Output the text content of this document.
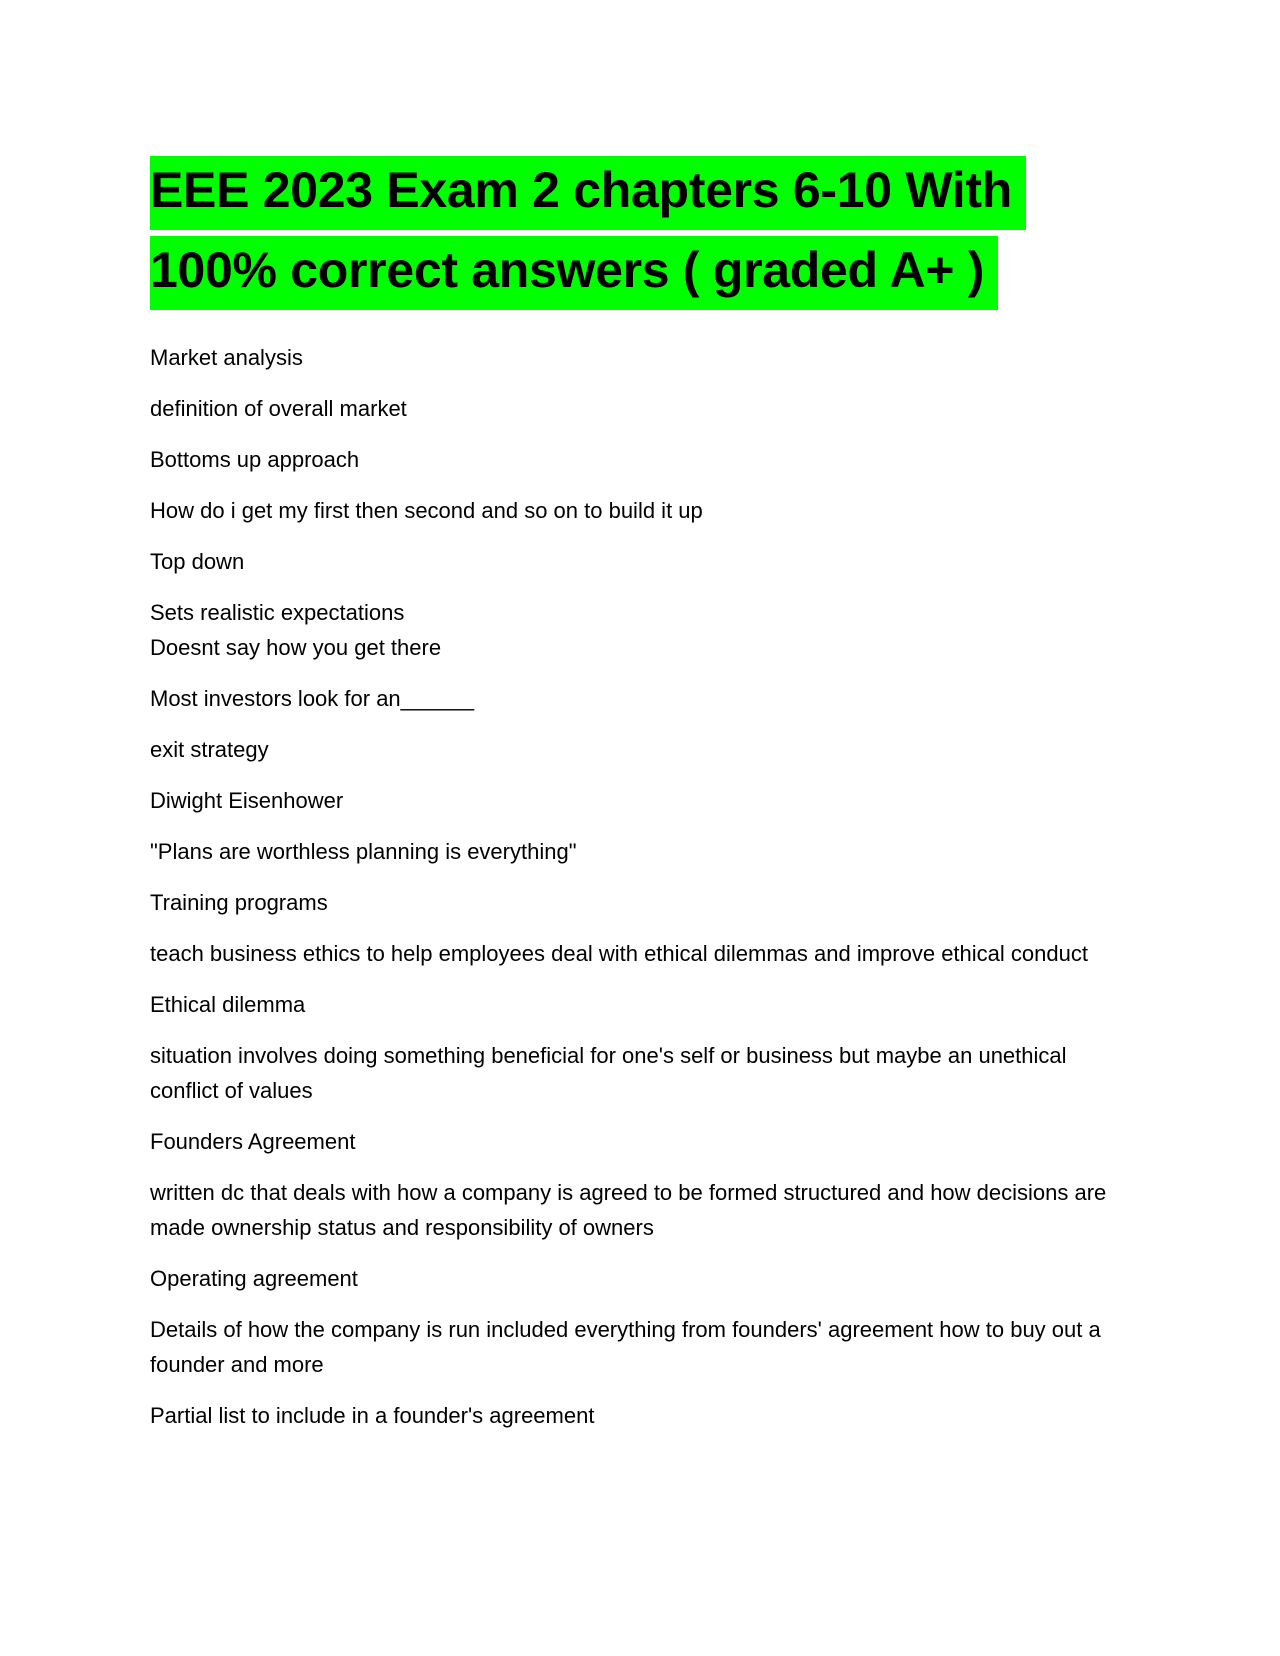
EEE 2023 Exam 2 chapters 6-10 With 100% correct answers ( graded A+ )

Market analysis

definition of overall market

Bottoms up approach

How do i get my first then second and so on to build it up

Top down

Sets realistic expectations
Doesnt say how you get there

Most investors look for an______

exit strategy

Diwight Eisenhower

"Plans are worthless planning is everything"

Training programs

teach business ethics to help employees deal with ethical dilemmas and improve ethical conduct

Ethical dilemma

situation involves doing something beneficial for one's self or business but maybe an unethical conflict of values

Founders Agreement

written dc that deals with how a company is agreed to be formed structured and how decisions are made ownership status and responsibility of owners

Operating agreement

Details of how the company is run included everything from founders' agreement how to buy out a founder and more

Partial list to include in a founder's agreement
